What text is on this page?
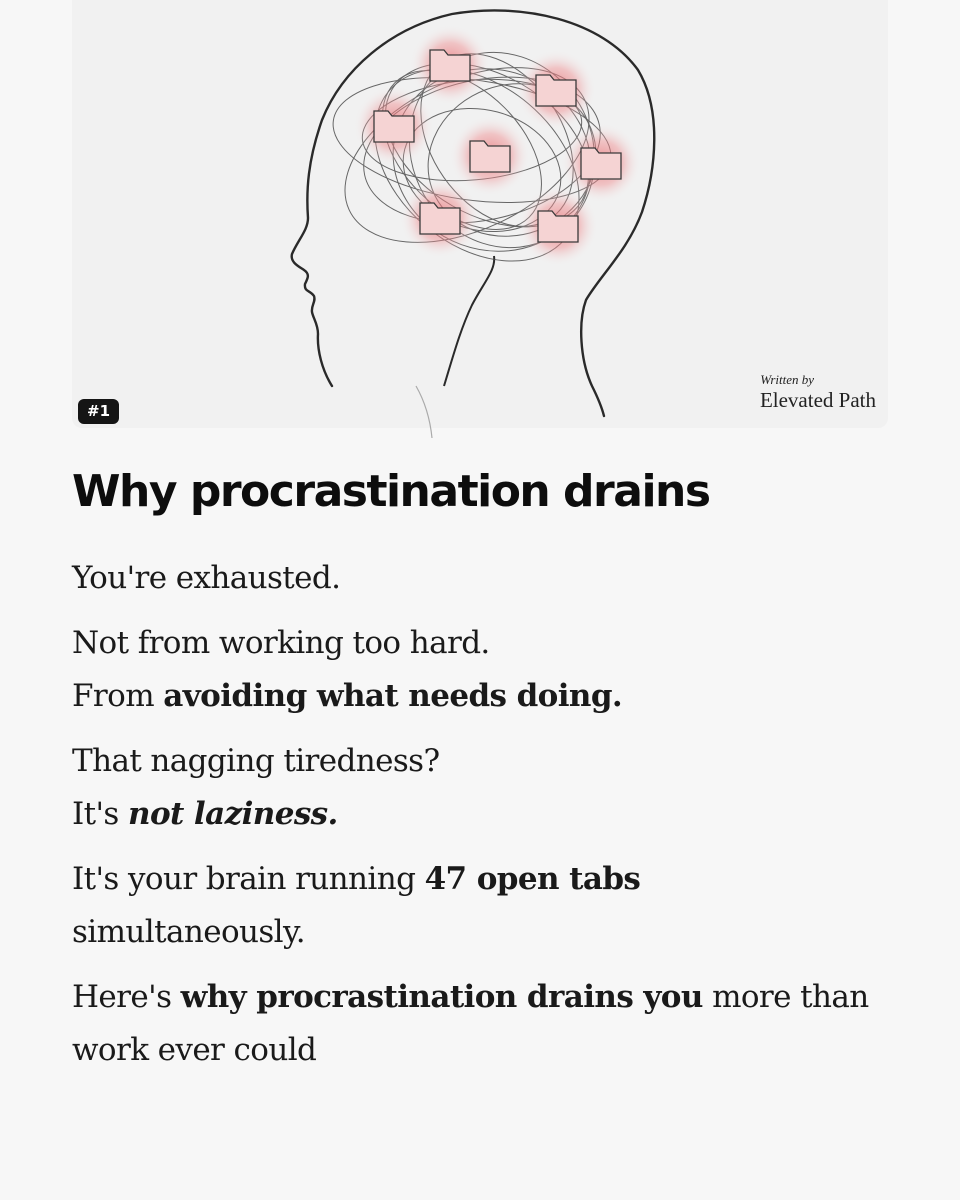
Written by
Elevated Path
#1
Why procrastination drains

You're exhausted.

Not from working too hard.
From avoiding what needs doing.

That nagging tiredness?
It's not laziness.

It's your brain running 47 open tabs
simultaneously.

Here's why procrastination drains you more than work ever could
